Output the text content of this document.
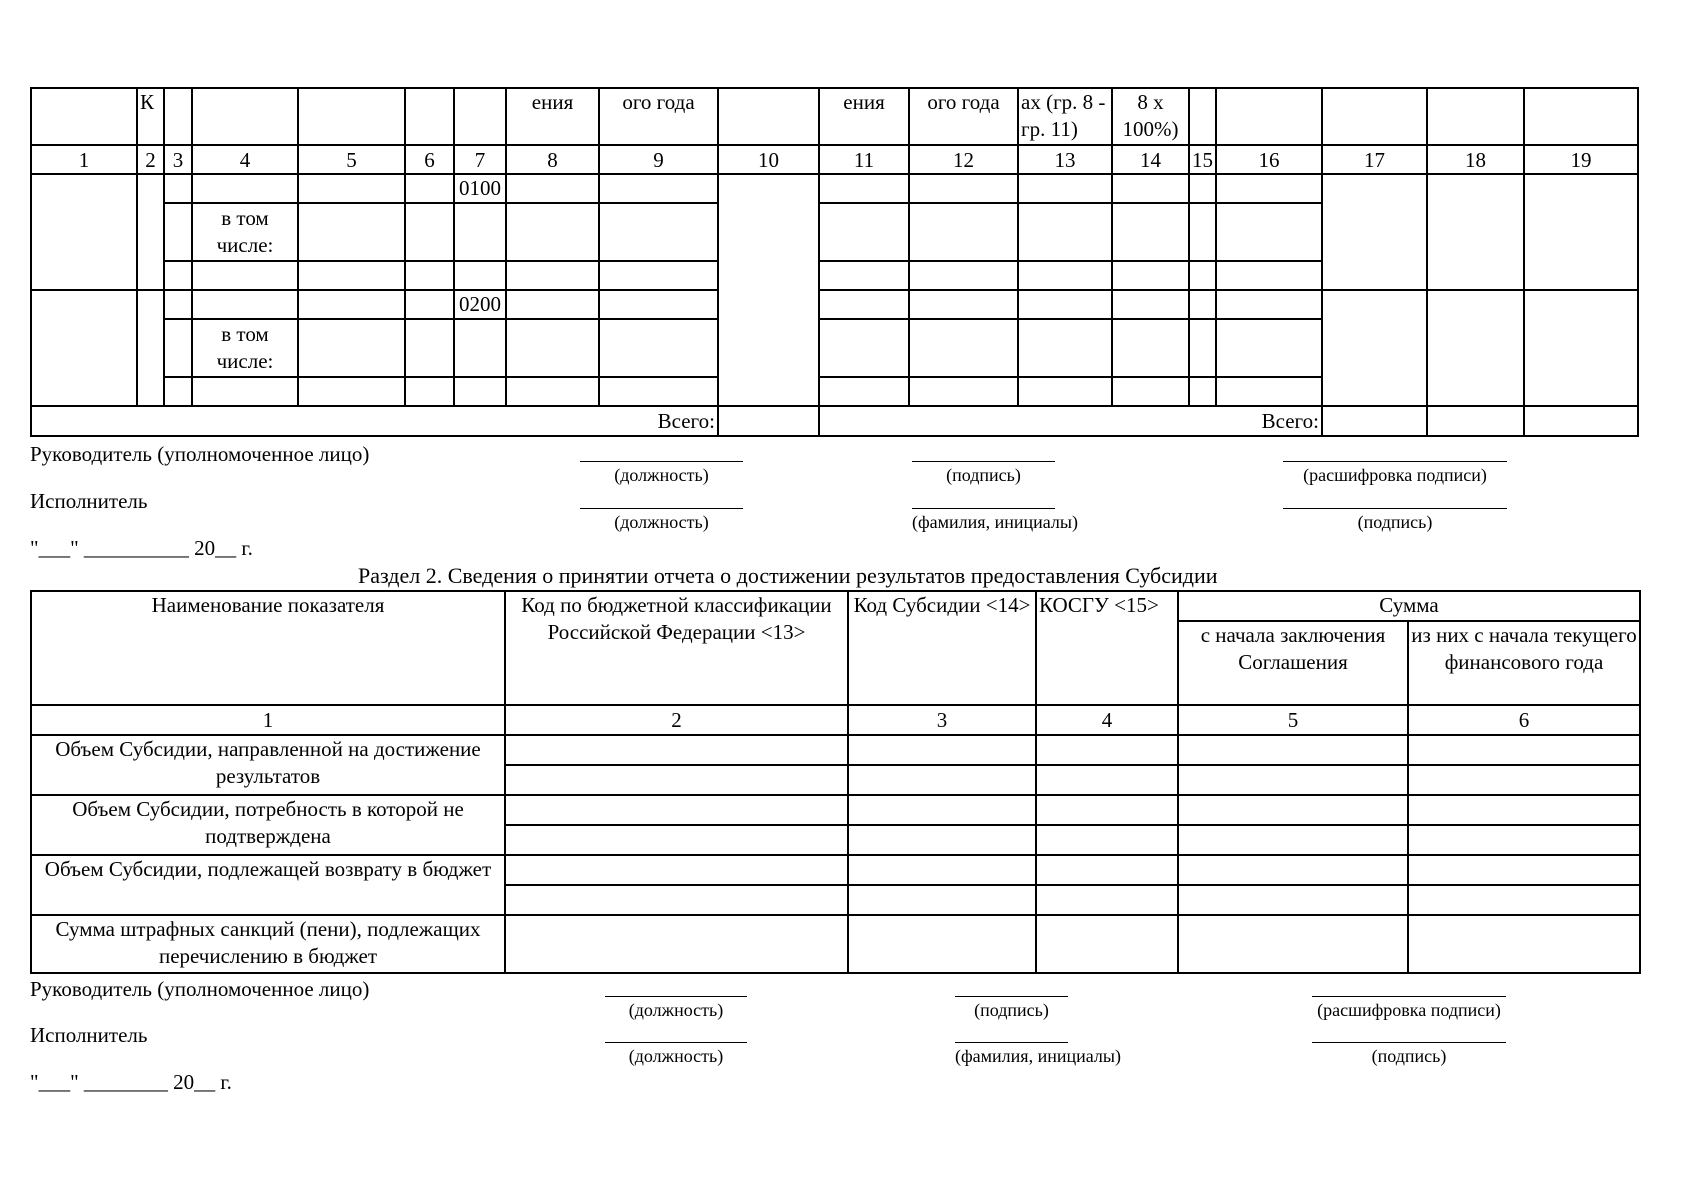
	К						ения	ого года		ения	ого года	ах (гр. 8 - гр. 11)	8 х 100%)					
1	2	3	4	5	6	7	8	9	10	11	12	13	14	15	16	17	18	19
						0100												
			в том числе:															

						0200												
			в том числе:															

Всего:										Всего:								
Руководитель (уполномоченное лицо)
(должность)	(подпись)	(расшифровка подписи)
Исполнитель
(должность)	(фамилия, инициалы)	(подпись)
"___" __________ 20__ г.
Раздел 2. Сведения о принятии отчета о достижении результатов предоставления Субсидии
Наименование показателя	Код по бюджетной классификации Российской Федерации <13>	Код Субсидии <14>	КОСГУ <15>	Сумма	
				с начала заключения Соглашения	из них с начала текущего финансового года
1	2	3	4	5	6
Объем Субсидии, направленной на достижение результатов					

Объем Субсидии, потребность в которой не подтверждена					

Объем Субсидии, подлежащей возврату в бюджет					

Сумма штрафных санкций (пени), подлежащих перечислению в бюджет					
Руководитель (уполномоченное лицо)
(должность)	(подпись)	(расшифровка подписи)
Исполнитель
(должность)	(фамилия, инициалы)	(подпись)
"___" ________ 20__ г.
